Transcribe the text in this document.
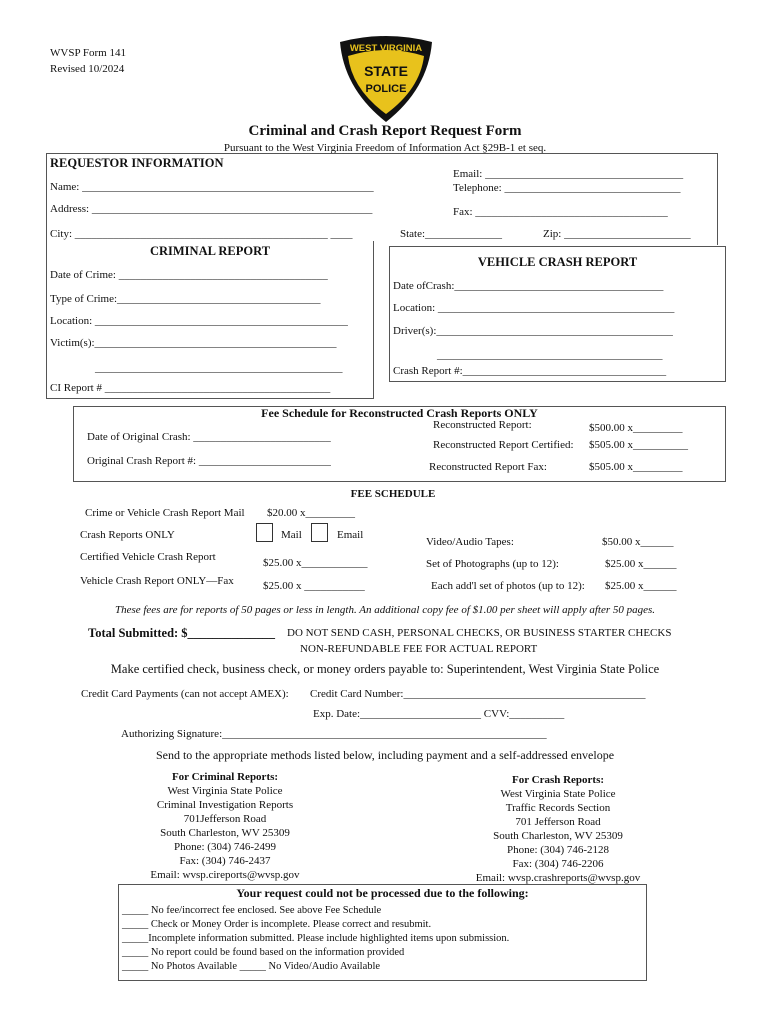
WVSP Form 141
Revised 10/2024
WEST VIRGINIA
STATE
POLICE
Criminal and Crash Report Request Form
Pursuant to the West Virginia Freedom of Information Act §29B-1 et seq.
REQUESTOR INFORMATION
Name: _____________________________________________________
Email: ____________________________________
Telephone: ________________________________
Address: ___________________________________________________	Fax: ___________________________________
City: ______________________________________________ ____	State:______________	Zip: _______________________
CRIMINAL REPORT
Date of Crime: ______________________________________
Type of Crime:_____________________________________
Location: ______________________________________________
Victim(s):____________________________________________
_____________________________________________
CI Report # _________________________________________
VEHICLE CRASH REPORT
Date ofCrash:______________________________________
Location: ___________________________________________
Driver(s):___________________________________________
_________________________________________
Crash Report #:_____________________________________
Fee Schedule for Reconstructed Crash Reports ONLY
Date of Original Crash: _________________________
Original Crash Report #: ________________________
Reconstructed Report:	$500.00 x_________
Reconstructed Report Certified: $505.00 x__________
Reconstructed Report Fax:	$505.00 x_________
FEE SCHEDULE
Crime or Vehicle Crash Report Mail $20.00 x_________
Crash Reports ONLY	Mail	Email
Certified Vehicle Crash Report	$25.00 x____________
Vehicle Crash Report ONLY—Fax	$25.00 x ___________
Video/Audio Tapes:	$50.00 x______
Set of Photographs (up to 12):	$25.00 x______
Each add'l set of photos (up to 12): $25.00 x______
These fees are for reports of 50 pages or less in length. An additional copy fee of $1.00 per sheet will apply after 50 pages.
Total Submitted: $______________ DO NOT SEND CASH, PERSONAL CHECKS, OR BUSINESS STARTER CHECKS
NON-REFUNDABLE FEE FOR ACTUAL REPORT
Make certified check, business check, or money orders payable to: Superintendent, West Virginia State Police
Credit Card Payments (can not accept AMEX): Credit Card Number:____________________________________________
Exp. Date:______________________ CVV:__________
Authorizing Signature:___________________________________________________________
Send to the appropriate methods listed below, including payment and a self-addressed envelope
For Criminal Reports:
West Virginia State Police
Criminal Investigation Reports
701Jefferson Road
South Charleston, WV 25309
Phone: (304) 746-2499
Fax: (304) 746-2437
Email: wvsp.cireports@wvsp.gov
For Crash Reports:
West Virginia State Police
Traffic Records Section
701 Jefferson Road
South Charleston, WV 25309
Phone: (304) 746-2128
Fax: (304) 746-2206
Email: wvsp.crashreports@wvsp.gov
Your request could not be processed due to the following:
_____ No fee/incorrect fee enclosed. See above Fee Schedule
_____ Check or Money Order is incomplete. Please correct and resubmit.
_____Incomplete information submitted. Please include highlighted items upon submission.
_____ No report could be found based on the information provided
_____ No Photos Available _____ No Video/Audio Available
